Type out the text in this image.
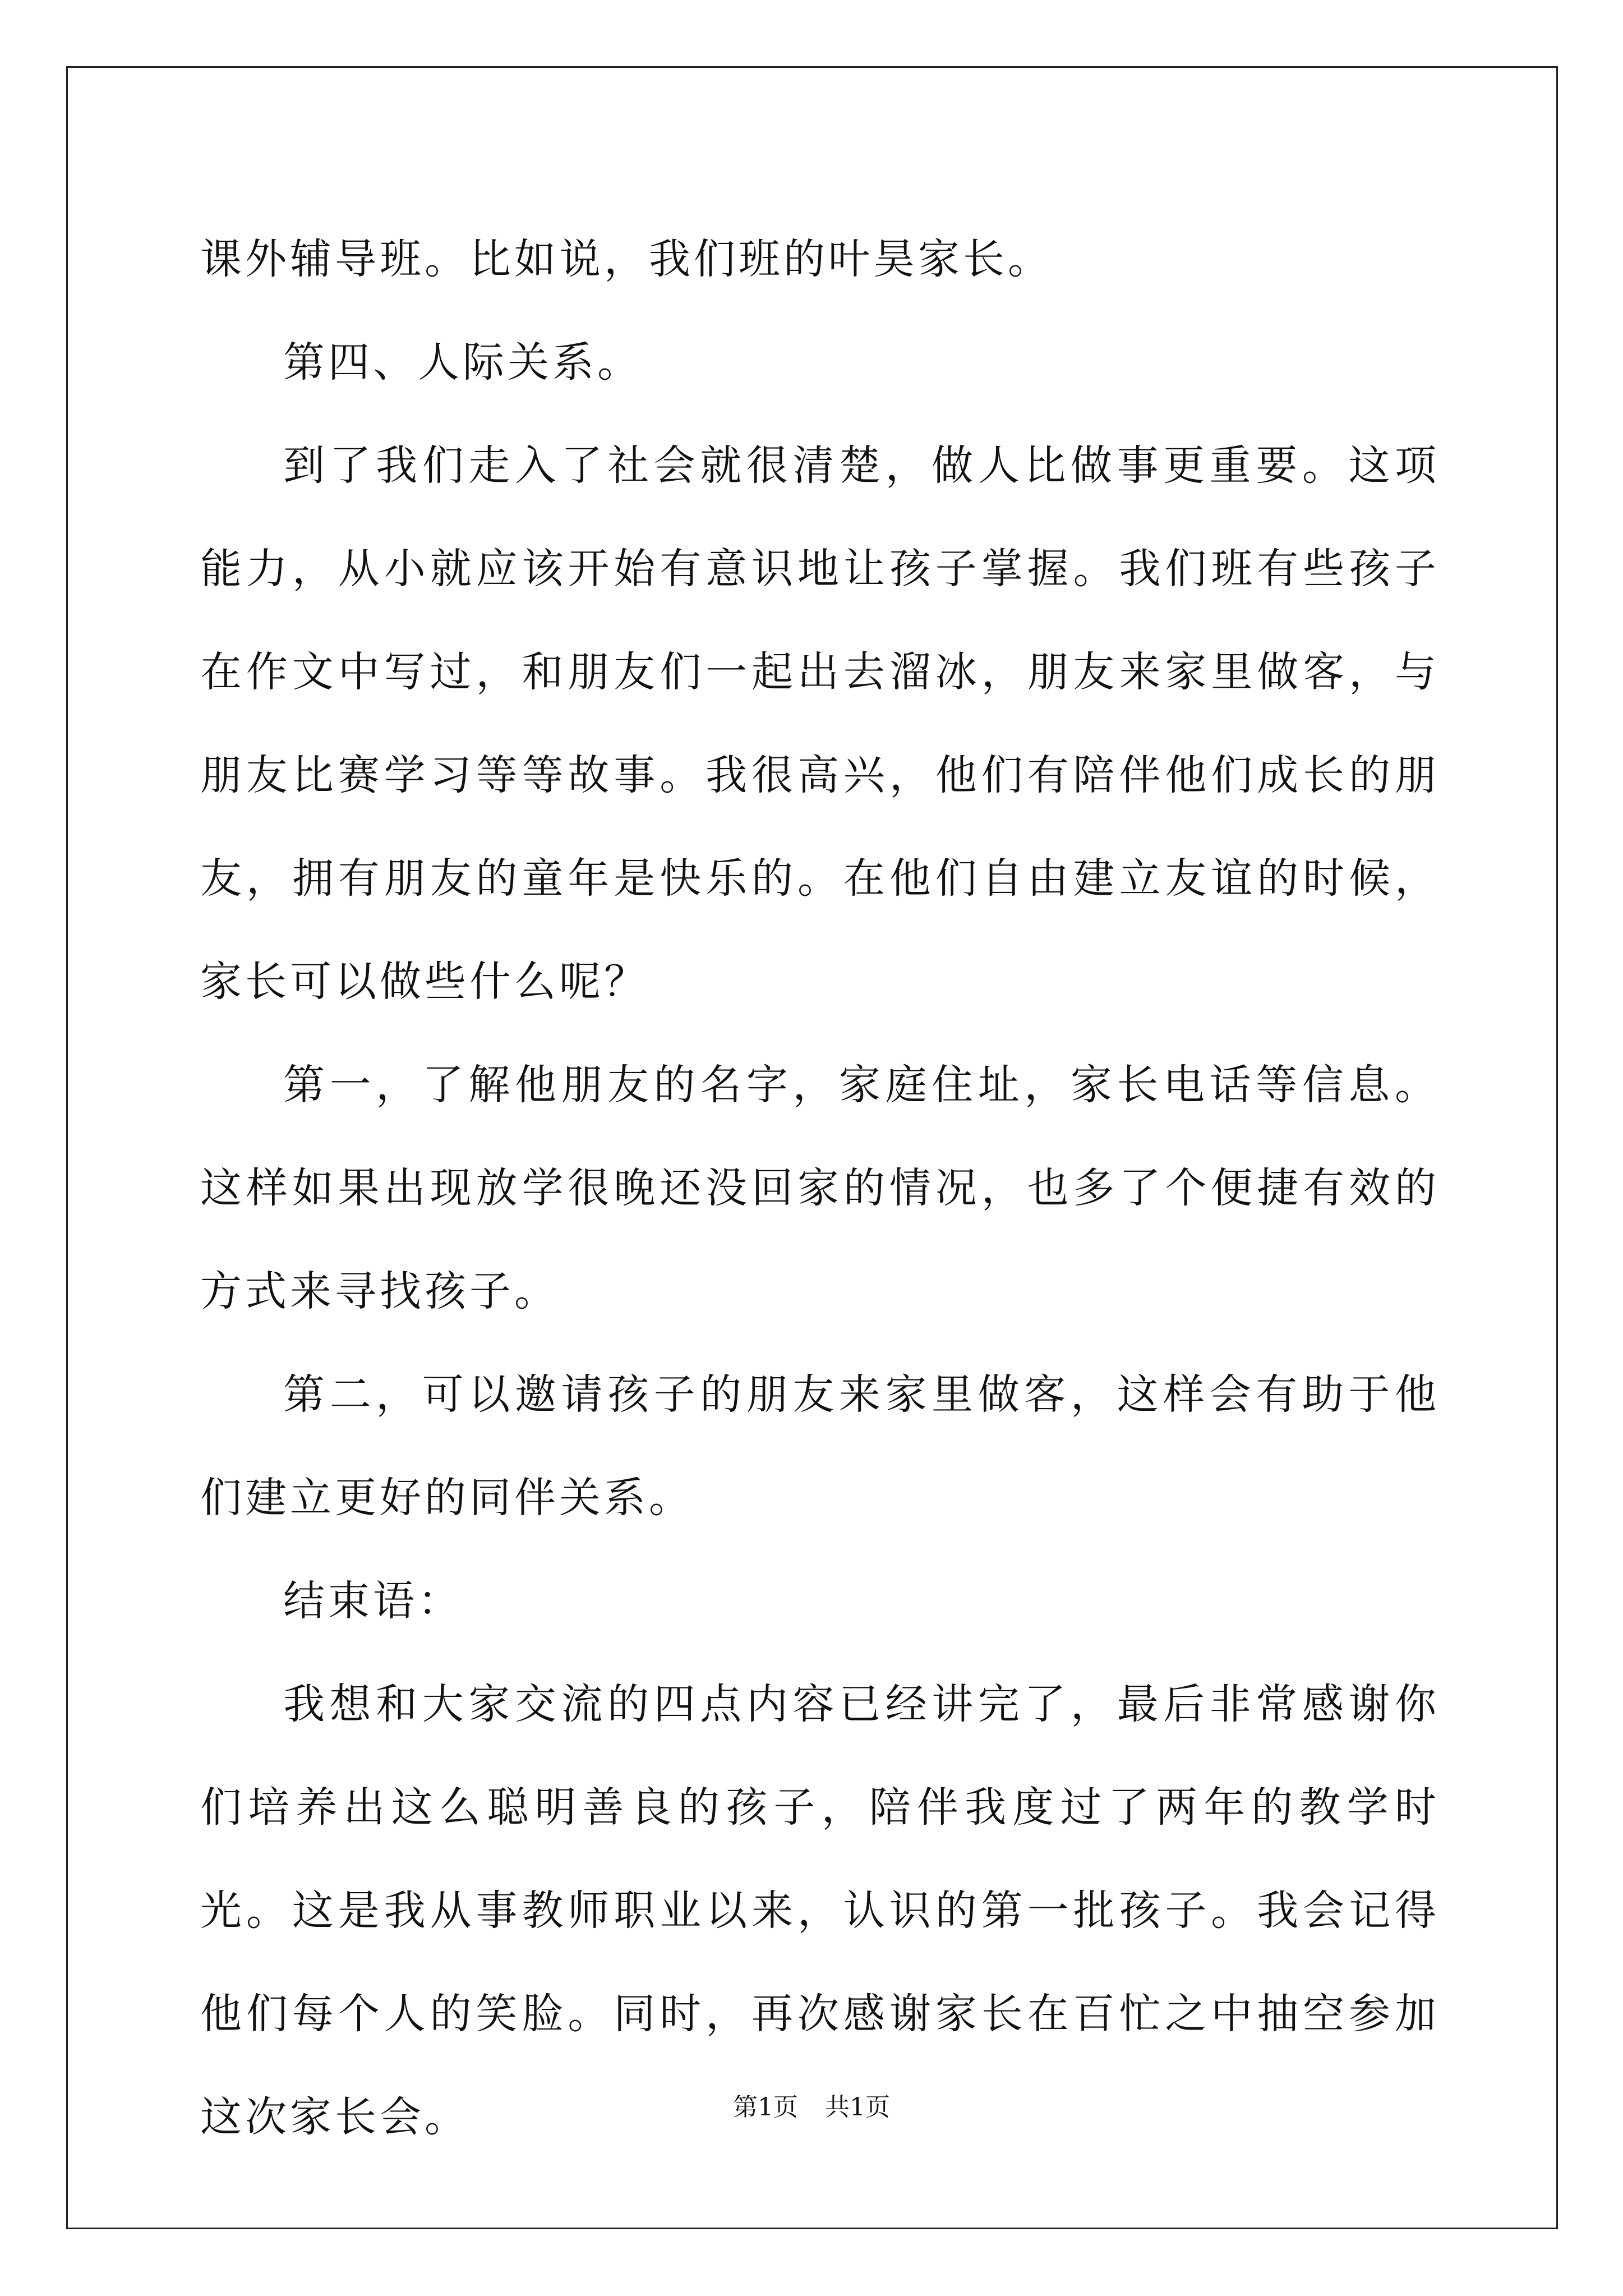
课外辅导班。比如说，我们班的叶昊家长。

第四、人际关系。

到了我们走入了社会就很清楚，做人比做事更重要。这项能力，从小就应该开始有意识地让孩子掌握。我们班有些孩子在作文中写过，和朋友们一起出去溜冰，朋友来家里做客，与朋友比赛学习等等故事。我很高兴，他们有陪伴他们成长的朋友，拥有朋友的童年是快乐的。在他们自由建立友谊的时候，家长可以做些什么呢？

第一，了解他朋友的名字，家庭住址，家长电话等信息。这样如果出现放学很晚还没回家的情况，也多了个便捷有效的方式来寻找孩子。

第二，可以邀请孩子的朋友来家里做客，这样会有助于他们建立更好的同伴关系。

结束语：

我想和大家交流的四点内容已经讲完了，最后非常感谢你们培养出这么聪明善良的孩子，陪伴我度过了两年的教学时光。这是我从事教师职业以来，认识的第一批孩子。我会记得他们每个人的笑脸。同时，再次感谢家长在百忙之中抽空参加这次家长会。	第1页 共1页
